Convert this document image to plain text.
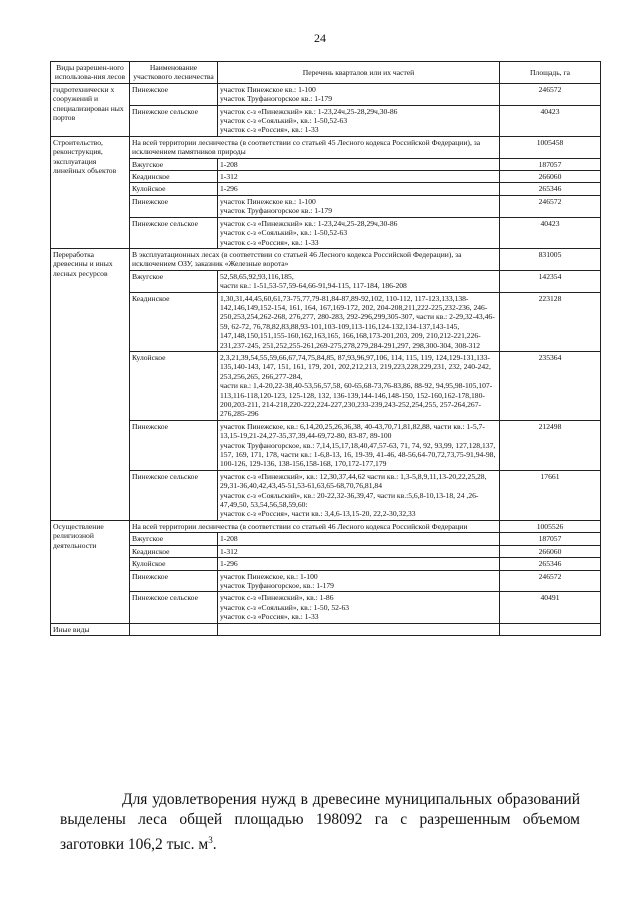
24
Виды разрешен-ного использова-ния лесов	Наименование участкового лесничества	Перечень кварталов или их частей	Площадь, га
гидротехнически х сооружений и специализирован ных портов	Пинежское	участок Пинежское кв.: 1-100
участок Труфаногорское кв.: 1-179	246572
	Пинежское сельское	участок с-з «Пинежский» кв.: 1-23,24ч,25-28,29ч,30-86
участок с-з «Соялький», кв.: 1-50,52-63
участок с-з «Россия», кв.: 1-33	40423
Строительство, реконструкция, эксплуатация линейных объектов	На всей территории лесничества (в соответствии со статьей 45 Лесного кодекса Российской Федерации), за исключением памятников природы		1005458
	Вжугское	1-208	187057
	Кеадинское	1-312	266060
	Кулойское	1-296	265346
	Пинежское	участок Пинежское кв.: 1-100
участок Труфаногорское кв.: 1-179	246572
	Пинежское сельское	участок с-з «Пинежский» кв.: 1-23,24ч,25-28,29ч,30-86
участок с-з «Соялький», кв.: 1-50,52-63
участок с-з «Россия», кв.: 1-33	40423
Переработка древесины и иных лесных ресурсов	В эксплуатационных лесах (в соответствии со статьей 46 Лесного кодекса Российской Федерации), за исключением ОЗУ, заказник «Железные ворота»		831005
	Вжугское	52,58,65,92,93,116,185,
части кв.: 1-51,53-57,59-64,66-91,94-115, 117-184, 186-208	142354
	Кеадинское	1,30,31,44,45,60,61,73-75,77,79-81,84-87,89-92,102, 110-112, 117-123,133,138-142,146,149,152-154, 161, 164, 167,169-172, 202, 204-208,211,222-225,232-236, 246-250,253,254,262-268, 276,277, 280-283, 292-296,299,305-307, части кв.: 2-29,32-43,46-59, 62-72, 76,78,82,83,88,93-101,103-109,113-116,124-132,134-137,143-145, 147,148,150,151,155-160,162,163,165, 166,168,173-201,203, 209, 210,212-221,226-231,237-245, 251,252,255-261,269-275,278,279,284-291,297, 298,300-304, 308-312	223128
	Кулойское	2,3,21,39,54,55,59,66,67,74,75,84,85, 87,93,96,97,106, 114, 115, 119, 124,129-131,133-135,140-143, 147, 151, 161, 179, 201, 202,212,213, 219,223,228,229,231, 232, 240-242, 253,256,265, 266,277-284,
части кв.: 1,4-20,22-38,40-53,56,57,58, 60-65,68-73,76-83,86, 88-92, 94,95,98-105,107-113,116-118,120-123, 125-128, 132, 136-139,144-146,148-150, 152-160,162-178,180-200,203-211, 214-218,220-222,224-227,230,233-239,243-252,254,255, 257-264,267-276,285-296	235364
	Пинежское	участок Пинежское, кв.: 6,14,20,25,26,36,38, 40-43,70,71,81,82,88, части кв.: 1-5,7-13,15-19,21-24,27-35,37,39,44-69,72-80, 83-87, 89-100
участок Труфаногорское, кв.: 7,14,15,17,18,40,47,57-63, 71, 74, 92, 93,99, 127,128,137, 157, 169, 171, 178, части кв.: 1-6,8-13, 16, 19-39, 41-46, 48-56,64-70,72,73,75-91,94-98, 100-126, 129-136, 138-156,158-168, 170,172-177,179	212498
	Пинежское сельское	участок с-з «Пинежский», кв.: 12,30,37,44,62 части кв.: 1,3-5,8,9,11,13-20,22,25,28, 29,31-36,40,42,43,45-51,53-61,63,65-68,70,76,81,84
участок с-з «Сояльский», кв.: 20-22,32-36,39,47, части кв.:5,6,8-10,13-18, 24 ,26-47,49,50, 53,54,56,58,59,60:
участок с-з «Россия», части кв.: 3,4,6-13,15-20, 22,2-30,32,33	17661
Осуществление религиозной деятельности	На всей территории лесничества (в соответствии со статьей 46 Лесного кодекса Российской Федерации		1005526
	Вжугское	1-208	187057
	Кеадинское	1-312	266060
	Кулойское	1-296	265346
	Пинежское	участок Пинежское, кв.: 1-100
участок Труфаногорское, кв.: 1-179	246572
	Пинежское сельское	участок с-з «Пинежский», кв.: 1-86
участок с-з «Соялький», кв.: 1-50, 52-63
участок с-з «Россия», кв.: 1-33	40491
Иные виды			
Для удовлетворения нужд в древесине муниципальных образований выделены леса общей площадью 198092 га с разрешенным объемом заготовки 106,2 тыс. $м^3$.
